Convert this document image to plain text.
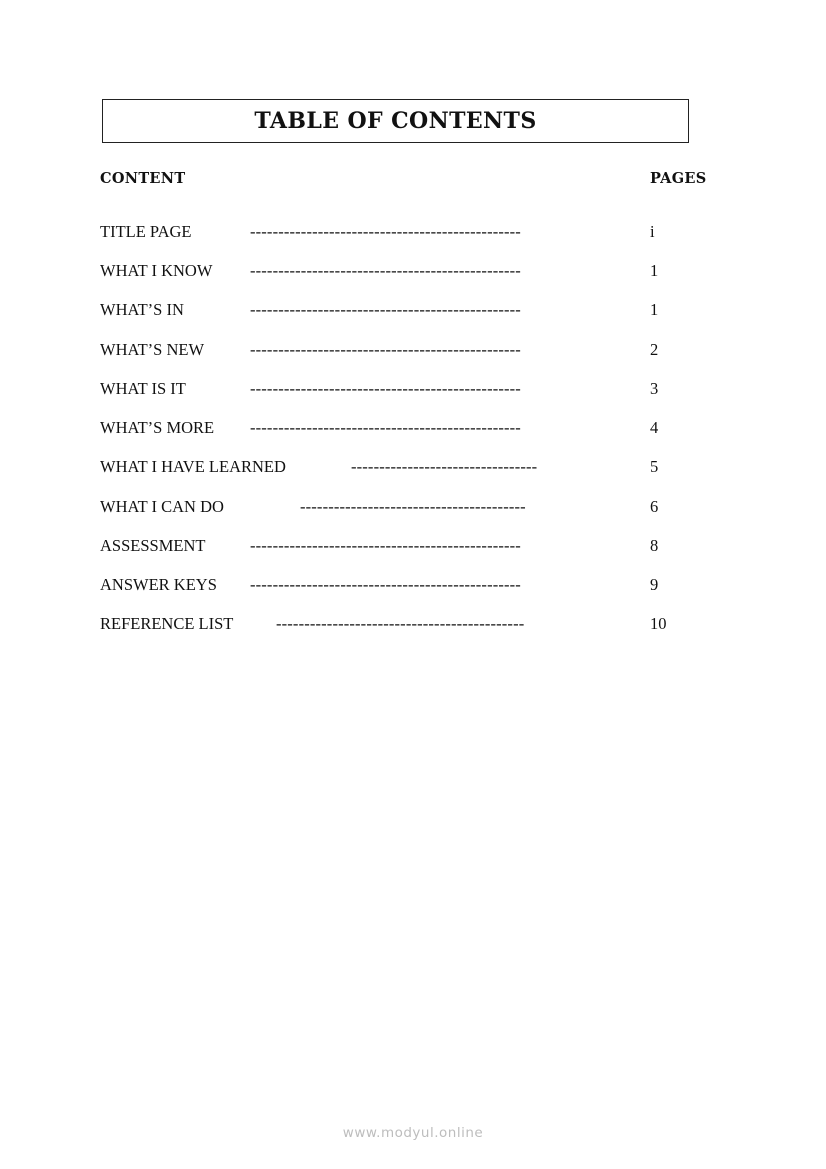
TABLE OF CONTENTS
CONTENT	PAGES
TITLE PAGE	------------------------------------------------	i
WHAT I KNOW ------------------------------------------------	1
WHAT’S IN	------------------------------------------------	1
WHAT’S NEW	------------------------------------------------	2
WHAT IS IT	------------------------------------------------	3
WHAT’S MORE ------------------------------------------------	4
WHAT I HAVE LEARNED	---------------------------------	5
WHAT I CAN DO	----------------------------------------	6
ASSESSMENT	------------------------------------------------	8
ANSWER KEYS ------------------------------------------------	9
REFERENCE LIST	--------------------------------------------	10
www.modyul.online
